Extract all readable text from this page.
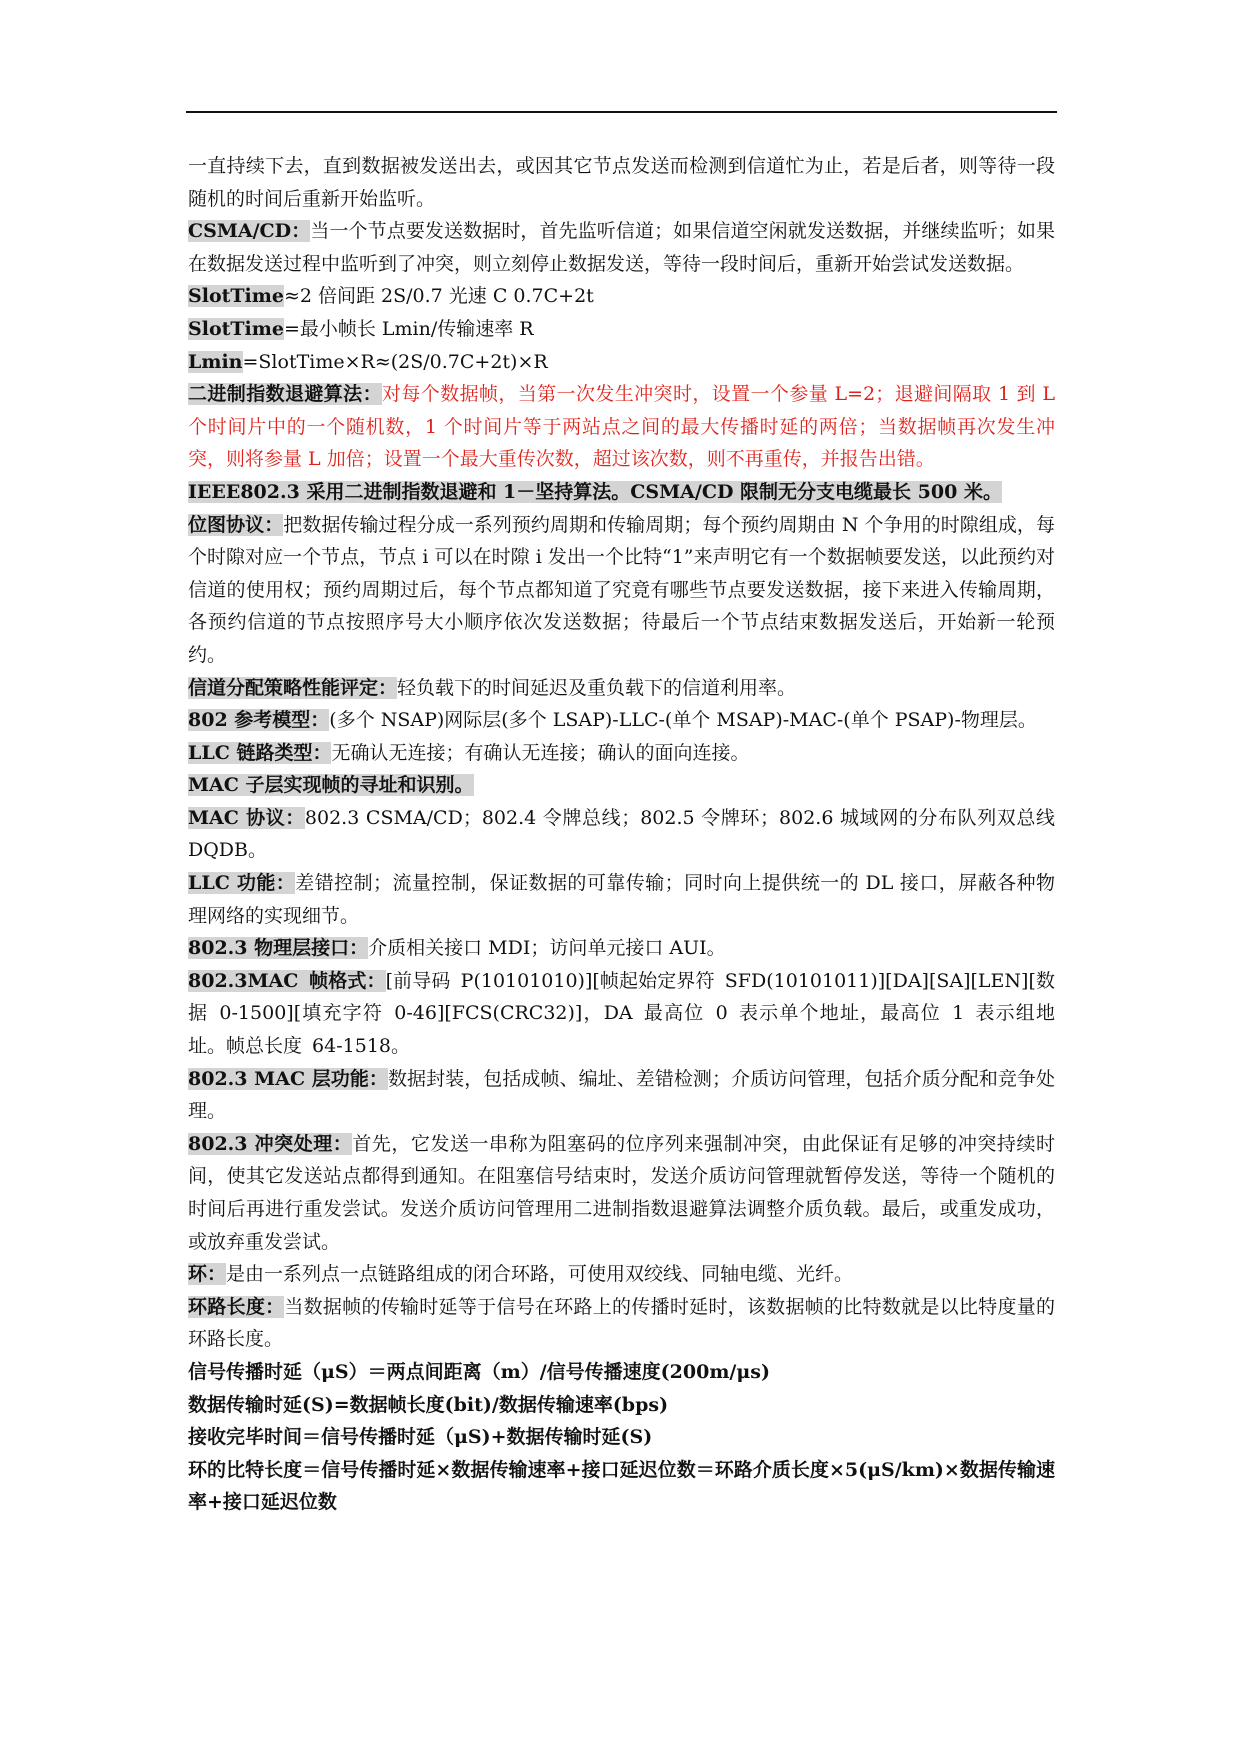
一直持续下去，直到数据被发送出去，或因其它节点发送而检测到信道忙为止，若是后者，则等待一段随机的时间后重新开始监听。

CSMA/CD：当一个节点要发送数据时，首先监听信道；如果信道空闲就发送数据，并继续监听；如果在数据发送过程中监听到了冲突，则立刻停止数据发送，等待一段时间后，重新开始尝试发送数据。

SlotTime≈2 倍间距 2S/0.7 光速 C 0.7C+2t

SlotTime=最小帧长 Lmin/传输速率 R

Lmin=SlotTime×R≈(2S/0.7C+2t)×R

二进制指数退避算法：对每个数据帧，当第一次发生冲突时，设置一个参量 L=2；退避间隔取 1 到 L 个时间片中的一个随机数，1 个时间片等于两站点之间的最大传播时延的两倍；当数据帧再次发生冲突，则将参量 L 加倍；设置一个最大重传次数，超过该次数，则不再重传，并报告出错。

IEEE802.3 采用二进制指数退避和 1－坚持算法。CSMA/CD 限制无分支电缆最长 500 米。

位图协议：把数据传输过程分成一系列预约周期和传输周期；每个预约周期由 N 个争用的时隙组成，每个时隙对应一个节点，节点 i 可以在时隙 i 发出一个比特“1”来声明它有一个数据帧要发送，以此预约对信道的使用权；预约周期过后，每个节点都知道了究竟有哪些节点要发送数据，接下来进入传输周期，各预约信道的节点按照序号大小顺序依次发送数据；待最后一个节点结束数据发送后，开始新一轮预约。

信道分配策略性能评定：轻负载下的时间延迟及重负载下的信道利用率。

802 参考模型：(多个 NSAP)网际层(多个 LSAP)-LLC-(单个 MSAP)-MAC-(单个 PSAP)-物理层。

LLC 链路类型：无确认无连接；有确认无连接；确认的面向连接。

MAC 子层实现帧的寻址和识别。

MAC 协议：802.3 CSMA/CD；802.4 令牌总线；802.5 令牌环；802.6 城域网的分布队列双总线 DQDB。

LLC 功能：差错控制；流量控制，保证数据的可靠传输；同时向上提供统一的 DL 接口，屏蔽各种物理网络的实现细节。

802.3 物理层接口：介质相关接口 MDI；访问单元接口 AUI。

802.3MAC 帧格式：[前导码 P(10101010)][帧起始定界符 SFD(10101011)][DA][SA][LEN][数据 0-1500][填充字符 0-46][FCS(CRC32)]，DA 最高位 0 表示单个地址，最高位 1 表示组地址。帧总长度 64-1518。

802.3 MAC 层功能：数据封装，包括成帧、编址、差错检测；介质访问管理，包括介质分配和竞争处理。

802.3 冲突处理：首先，它发送一串称为阻塞码的位序列来强制冲突，由此保证有足够的冲突持续时间，使其它发送站点都得到通知。在阻塞信号结束时，发送介质访问管理就暂停发送，等待一个随机的时间后再进行重发尝试。发送介质访问管理用二进制指数退避算法调整介质负载。最后，或重发成功，或放弃重发尝试。

环：是由一系列点一点链路组成的闭合环路，可使用双绞线、同轴电缆、光纤。

环路长度：当数据帧的传输时延等于信号在环路上的传播时延时，该数据帧的比特数就是以比特度量的环路长度。

信号传播时延（μS）＝两点间距离（m）/信号传播速度(200m/μs)

数据传输时延(S)=数据帧长度(bit)/数据传输速率(bps)

接收完毕时间＝信号传播时延（μS)+数据传输时延(S)

环的比特长度＝信号传播时延×数据传输速率+接口延迟位数＝环路介质长度×5(μS/km)×数据传输速率+接口延迟位数
